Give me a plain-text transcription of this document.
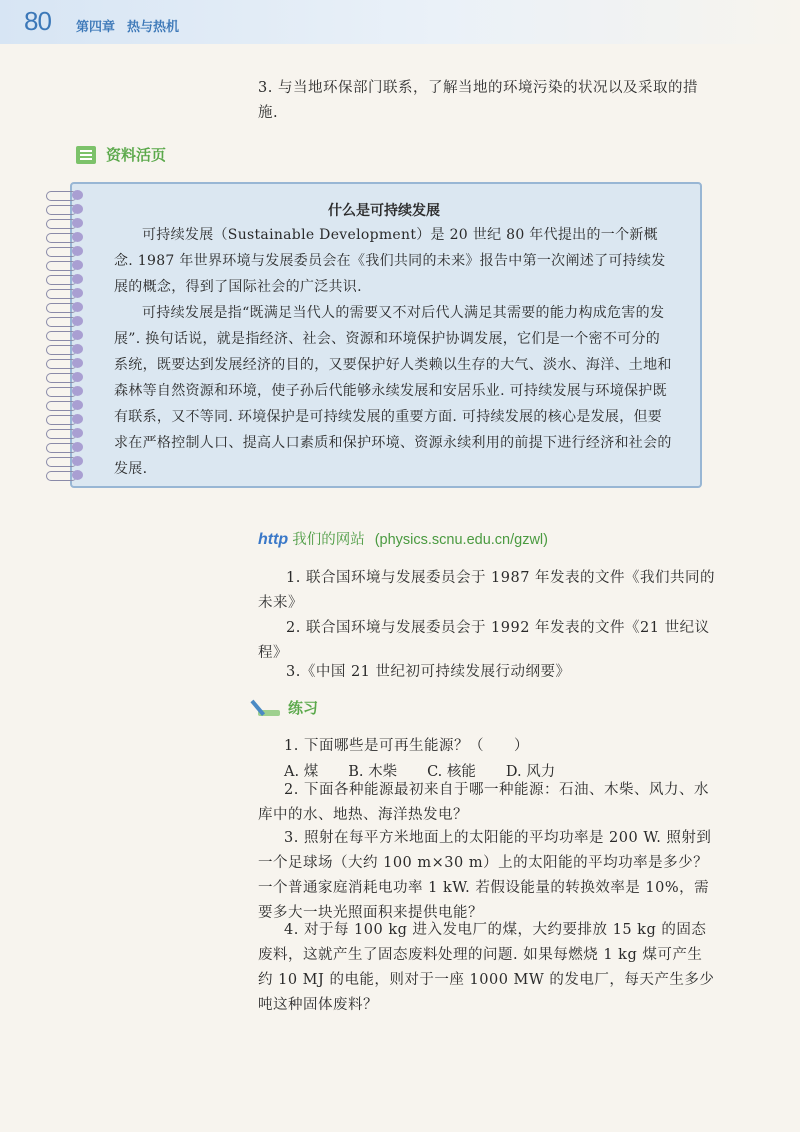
80 第四章 热与热机
3. 与当地环保部门联系，了解当地的环境污染的状况以及采取的措施.
资料活页
什么是可持续发展
可持续发展（Sustainable Development）是 20 世纪 80 年代提出的一个新概念. 1987 年世界环境与发展委员会在《我们共同的未来》报告中第一次阐述了可持续发展的概念，得到了国际社会的广泛共识.
可持续发展是指“既满足当代人的需要又不对后代人满足其需要的能力构成危害的发展”. 换句话说，就是指经济、社会、资源和环境保护协调发展，它们是一个密不可分的系统，既要达到发展经济的目的，又要保护好人类赖以生存的大气、淡水、海洋、土地和森林等自然资源和环境，使子孙后代能够永续发展和安居乐业. 可持续发展与环境保护既有联系，又不等同. 环境保护是可持续发展的重要方面. 可持续发展的核心是发展，但要求在严格控制人口、提高人口素质和保护环境、资源永续利用的前提下进行经济和社会的发展.
http 我们的网站 (physics.scnu.edu.cn/gzwl)
1. 联合国环境与发展委员会于 1987 年发表的文件《我们共同的未来》
2. 联合国环境与发展委员会于 1992 年发表的文件《21 世纪议程》
3.《中国 21 世纪初可持续发展行动纲要》
练习
1. 下面哪些是可再生能源？（　　）
A. 煤 B. 木柴 C. 核能 D. 风力
2. 下面各种能源最初来自于哪一种能源：石油、木柴、风力、水库中的水、地热、海洋热发电？
3. 照射在每平方米地面上的太阳能的平均功率是 200 W. 照射到一个足球场（大约 100 m×30 m）上的太阳能的平均功率是多少？一个普通家庭消耗电功率 1 kW. 若假设能量的转换效率是 10%，需要多大一块光照面积来提供电能？
4. 对于每 100 kg 进入发电厂的煤，大约要排放 15 kg 的固态废料，这就产生了固态废料处理的问题. 如果每燃烧 1 kg 煤可产生约 10 MJ 的电能，则对于一座 1000 MW 的发电厂，每天产生多少吨这种固体废料？
